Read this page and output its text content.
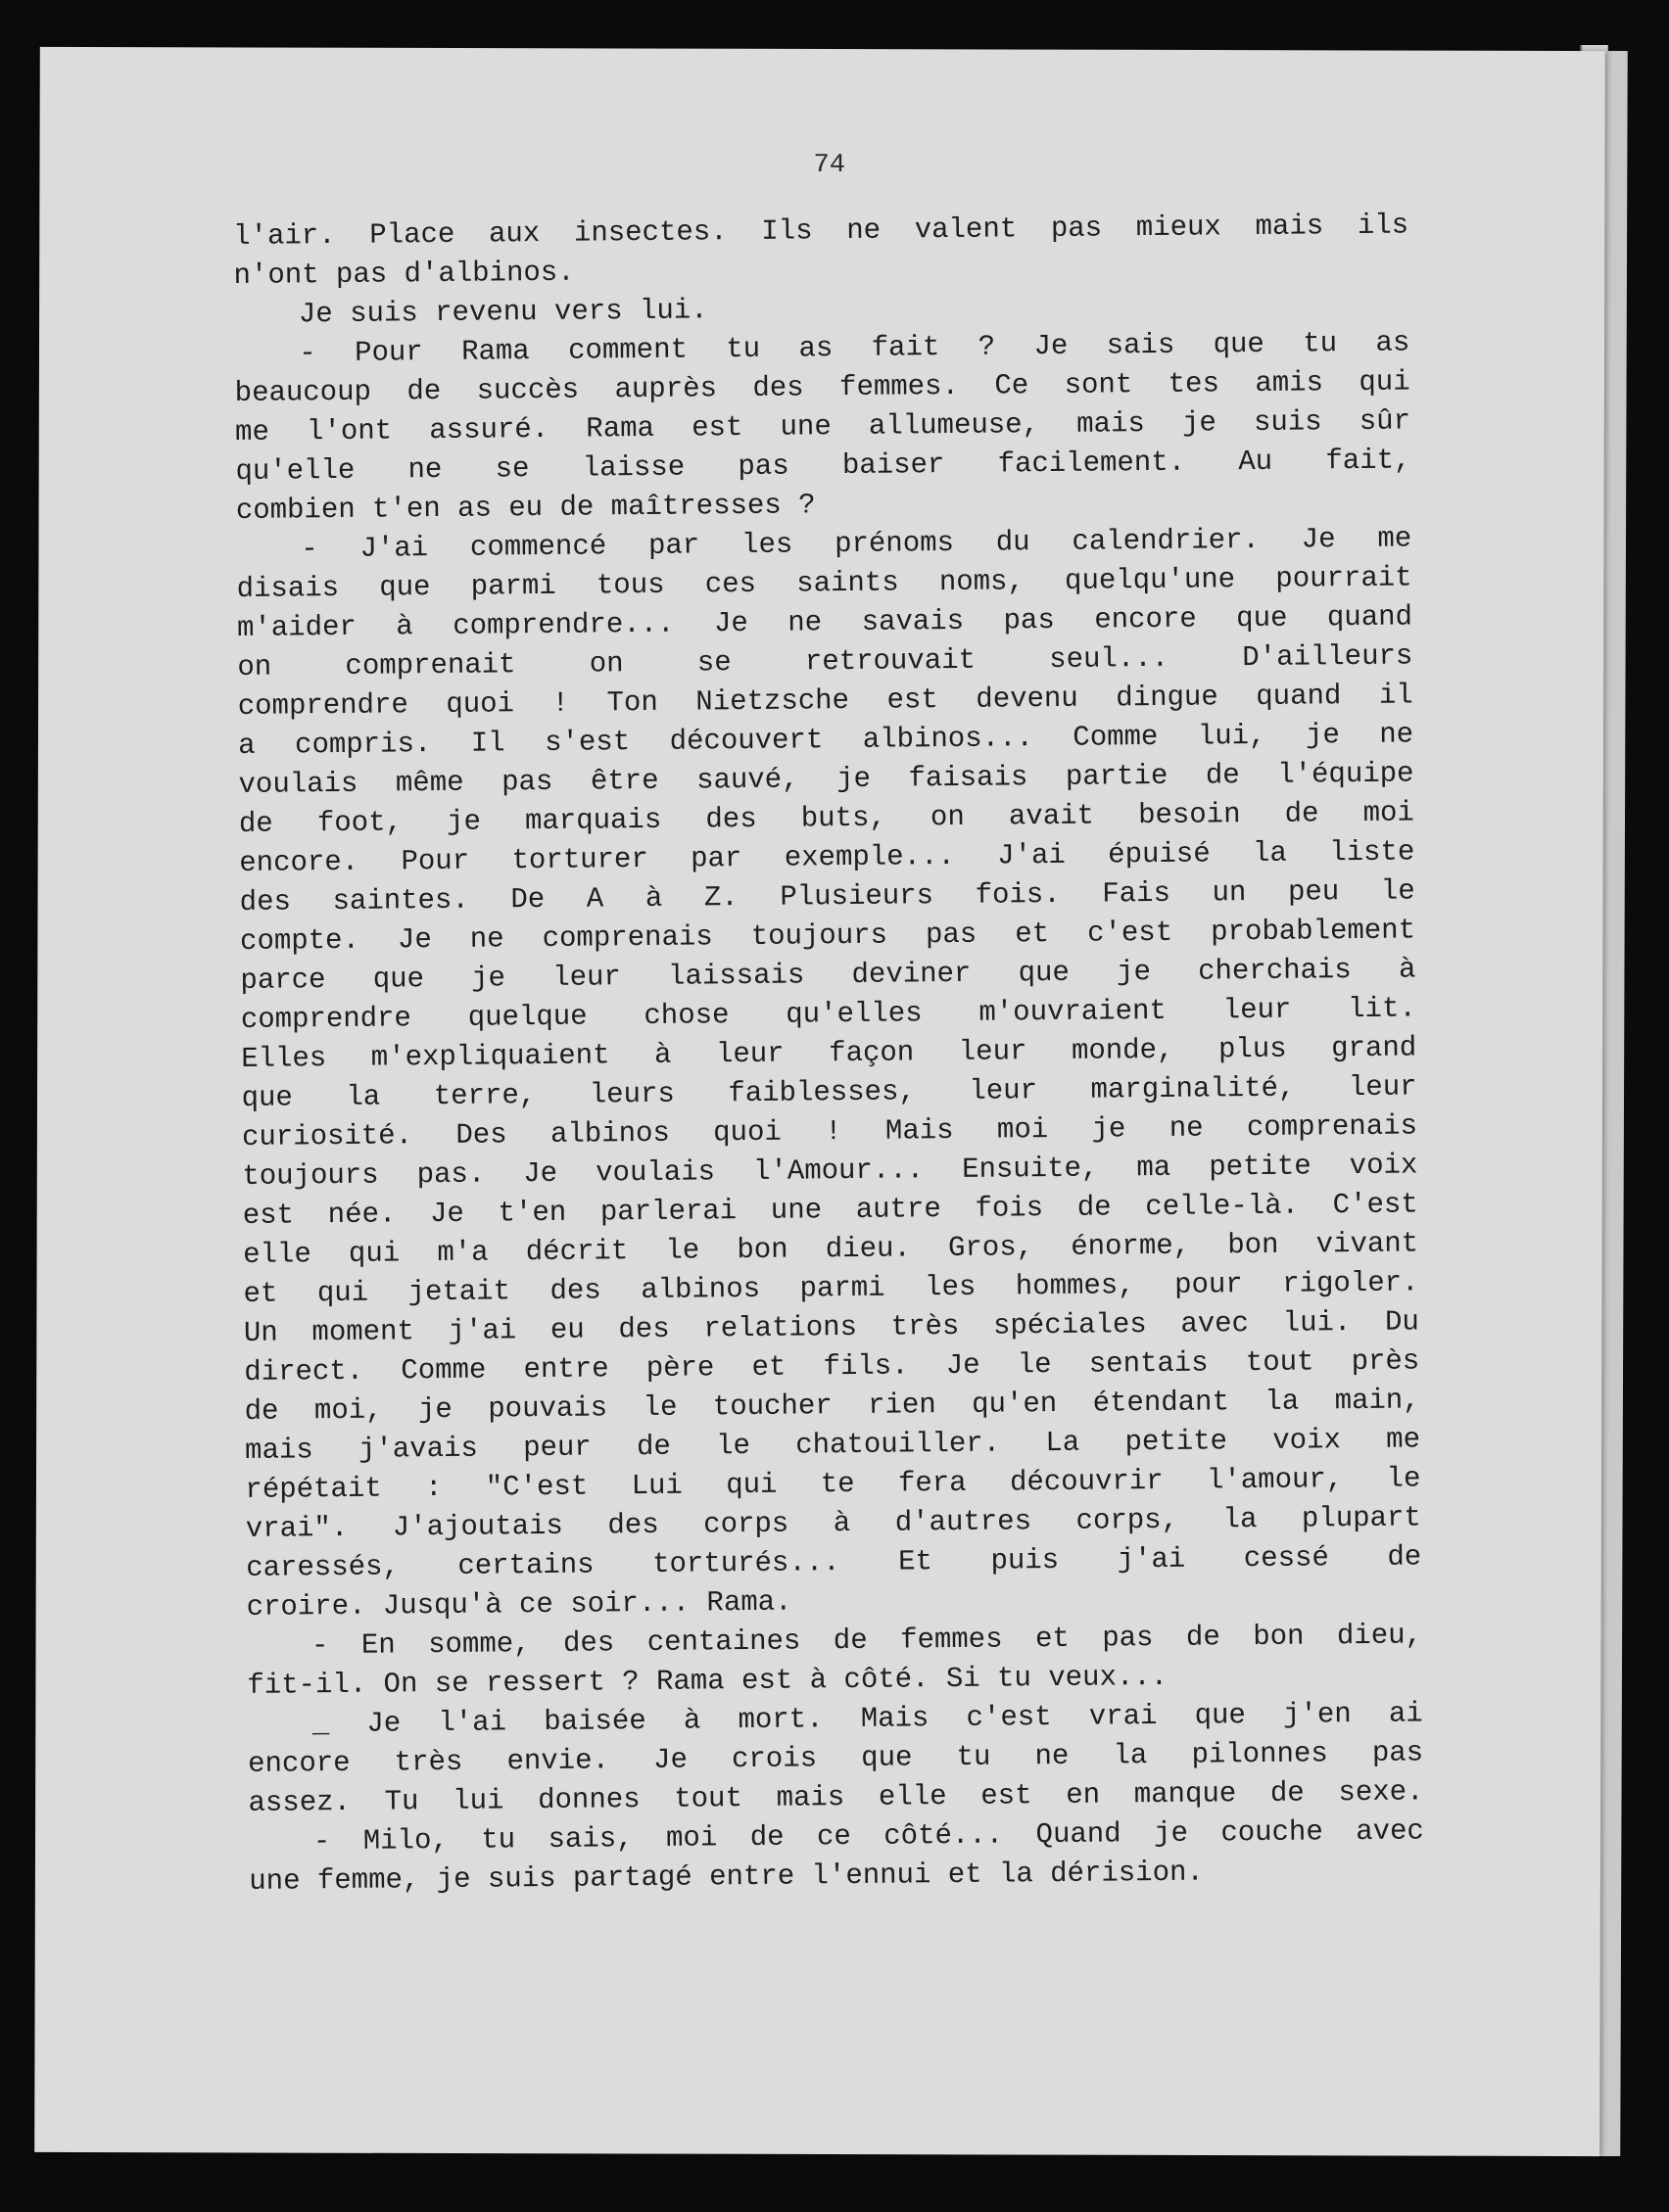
74

l'air. Place aux insectes. Ils ne valent pas mieux mais ils

n'ont pas d'albinos.

Je suis revenu vers lui.

- Pour Rama comment tu as fait ? Je sais que tu as

beaucoup de succès auprès des femmes. Ce sont tes amis qui

me l'ont assuré. Rama est une allumeuse, mais je suis sûr

qu'elle ne se laisse pas baiser facilement. Au fait,

combien t'en as eu de maîtresses ?

- J'ai commencé par les prénoms du calendrier. Je me

disais que parmi tous ces saints noms, quelqu'une pourrait

m'aider à comprendre... Je ne savais pas encore que quand

on comprenait on se retrouvait seul... D'ailleurs

comprendre quoi ! Ton Nietzsche est devenu dingue quand il

a compris. Il s'est découvert albinos... Comme lui, je ne

voulais même pas être sauvé, je faisais partie de l'équipe

de foot, je marquais des buts, on avait besoin de moi

encore. Pour torturer par exemple... J'ai épuisé la liste

des saintes. De A à Z. Plusieurs fois. Fais un peu le

compte. Je ne comprenais toujours pas et c'est probablement

parce que je leur laissais deviner que je cherchais à

comprendre quelque chose qu'elles m'ouvraient leur lit.

Elles m'expliquaient à leur façon leur monde, plus grand

que la terre, leurs faiblesses, leur marginalité, leur

curiosité. Des albinos quoi ! Mais moi je ne comprenais

toujours pas. Je voulais l'Amour... Ensuite, ma petite voix

est née. Je t'en parlerai une autre fois de celle-là. C'est

elle qui m'a décrit le bon dieu. Gros, énorme, bon vivant

et qui jetait des albinos parmi les hommes, pour rigoler.

Un moment j'ai eu des relations très spéciales avec lui. Du

direct. Comme entre père et fils. Je le sentais tout près

de moi, je pouvais le toucher rien qu'en étendant la main,

mais j'avais peur de le chatouiller. La petite voix me

répétait : "C'est Lui qui te fera découvrir l'amour, le

vrai". J'ajoutais des corps à d'autres corps, la plupart

caressés, certains torturés... Et puis j'ai cessé de

croire. Jusqu'à ce soir... Rama.

- En somme, des centaines de femmes et pas de bon dieu,

fit-il. On se ressert ? Rama est à côté. Si tu veux...

_ Je l'ai baisée à mort. Mais c'est vrai que j'en ai

encore très envie. Je crois que tu ne la pilonnes pas

assez. Tu lui donnes tout mais elle est en manque de sexe.

- Milo, tu sais, moi de ce côté... Quand je couche avec

une femme, je suis partagé entre l'ennui et la dérision.
